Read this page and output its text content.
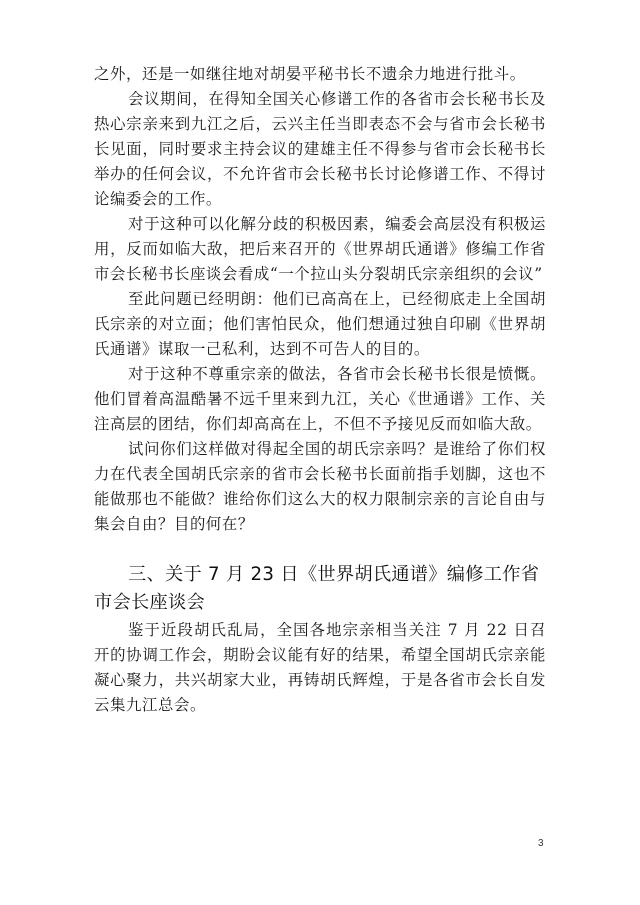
之外，还是一如继往地对胡晏平秘书长不遗余力地进行批斗。

会议期间，在得知全国关心修谱工作的各省市会长秘书长及热心宗亲来到九江之后，云兴主任当即表态不会与省市会长秘书长见面，同时要求主持会议的建雄主任不得参与省市会长秘书长举办的任何会议，不允许省市会长秘书长讨论修谱工作、不得讨论编委会的工作。

对于这种可以化解分歧的积极因素，编委会高层没有积极运用，反而如临大敌，把后来召开的《世界胡氏通谱》修编工作省市会长秘书长座谈会看成“一个拉山头分裂胡氏宗亲组织的会议”

至此问题已经明朗：他们已高高在上，已经彻底走上全国胡氏宗亲的对立面；他们害怕民众，他们想通过独自印刷《世界胡氏通谱》谋取一己私利，达到不可告人的目的。

对于这种不尊重宗亲的做法，各省市会长秘书长很是愤慨。他们冒着高温酷暑不远千里来到九江，关心《世通谱》工作、关注高层的团结，你们却高高在上，不但不予接见反而如临大敌。

试问你们这样做对得起全国的胡氏宗亲吗？是谁给了你们权力在代表全国胡氏宗亲的省市会长秘书长面前指手划脚，这也不能做那也不能做？谁给你们这么大的权力限制宗亲的言论自由与集会自由？目的何在？

三、关于 7 月 23 日《世界胡氏通谱》编修工作省市会长座谈会

鉴于近段胡氏乱局，全国各地宗亲相当关注 7 月 22 日召开的协调工作会，期盼会议能有好的结果，希望全国胡氏宗亲能凝心聚力，共兴胡家大业，再铸胡氏辉煌，于是各省市会长自发云集九江总会。

3
